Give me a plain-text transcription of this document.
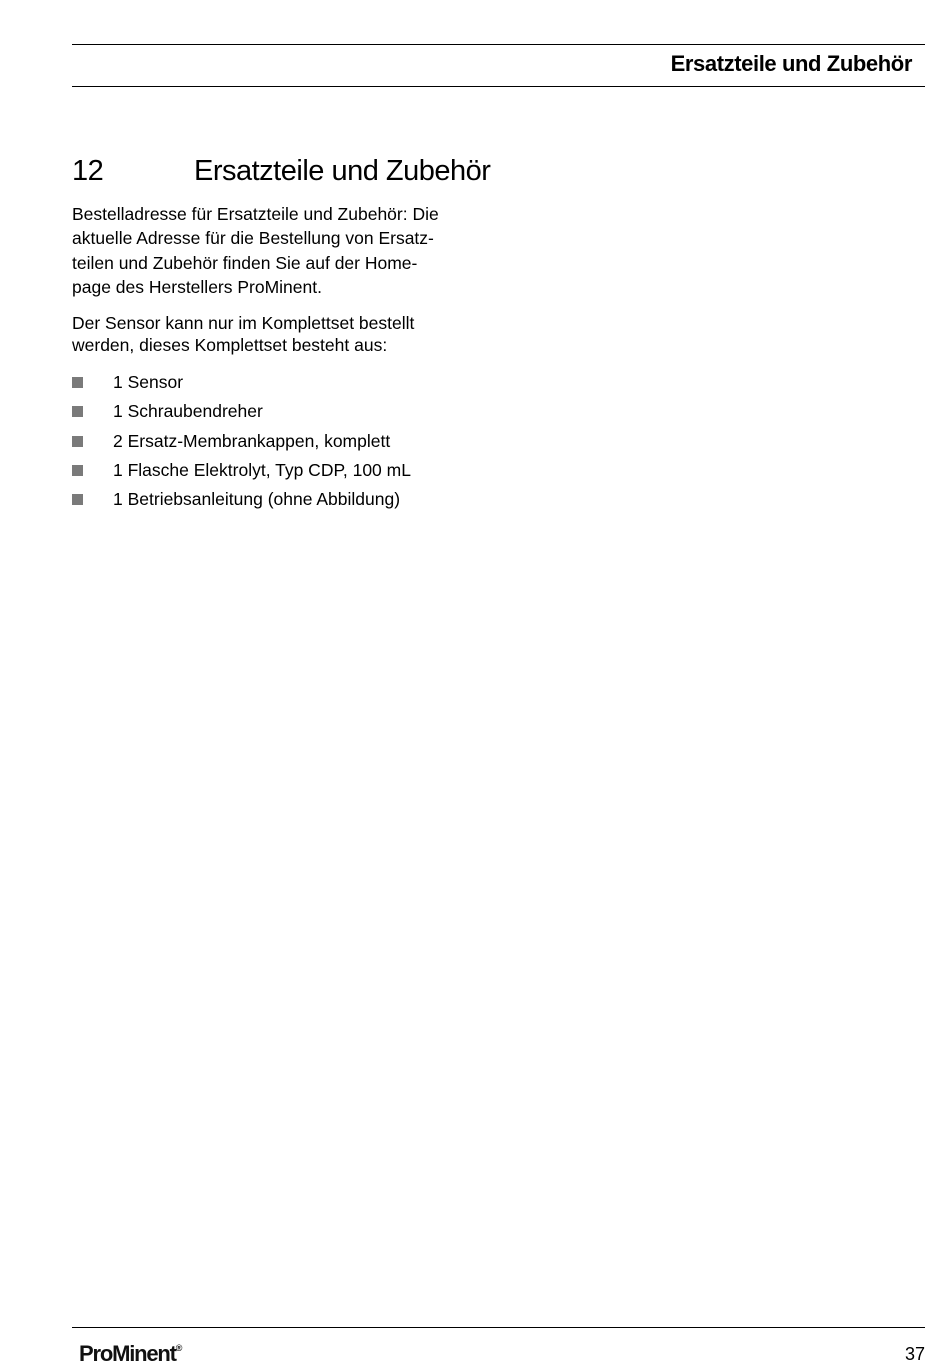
Ersatzteile und Zubehör
12	Ersatzteile und Zubehör

Bestelladresse für Ersatzteile und Zubehör: Die
aktuelle Adresse für die Bestellung von Ersatz-
teilen und Zubehör finden Sie auf der Home-
page des Herstellers ProMinent.

Der Sensor kann nur im Komplettset bestellt
werden, dieses Komplettset besteht aus:

1 Sensor
1 Schraubendreher
2 Ersatz-Membrankappen, komplett
1 Flasche Elektrolyt, Typ CDP, 100 mL
1 Betriebsanleitung (ohne Abbildung)
ProMinent®	37
